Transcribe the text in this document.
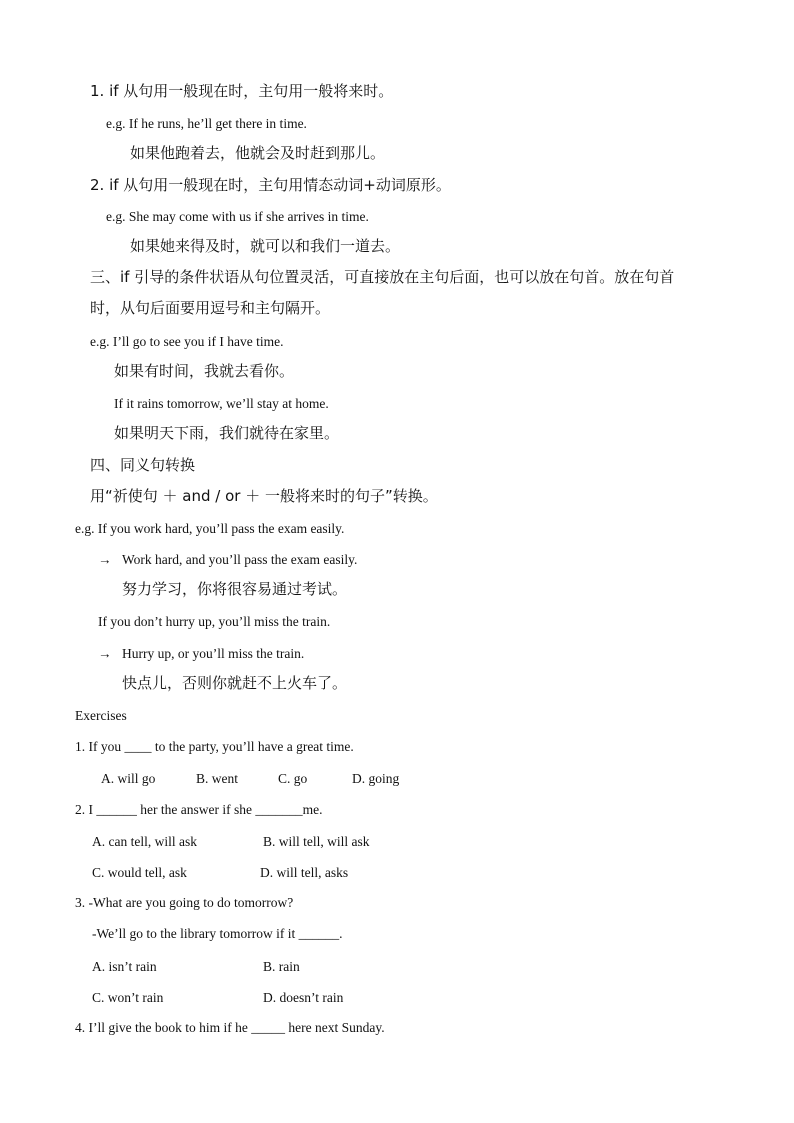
1. if 从句用一般现在时，主句用一般将来时。
e.g. If he runs, he’ll get there in time.
如果他跑着去，他就会及时赶到那儿。
2. if 从句用一般现在时，主句用情态动词+动词原形。
e.g. She may come with us if she arrives in time.
如果她来得及时，就可以和我们一道去。
三、if 引导的条件状语从句位置灵活，可直接放在主句后面，也可以放在句首。放在句首
时，从句后面要用逗号和主句隔开。
e.g. I’ll go to see you if I have time.
如果有时间，我就去看你。
If it rains tomorrow, we’ll stay at home.
如果明天下雨，我们就待在家里。
四、同义句转换
用“祈使句 ＋ and / or ＋ 一般将来时的句子”转换。
e.g. If you work hard, you’ll pass the exam easily.
→ Work hard, and you’ll pass the exam easily.
努力学习，你将很容易通过考试。
If you don’t hurry up, you’ll miss the train.
→ Hurry up, or you’ll miss the train.
快点儿，否则你就赶不上火车了。
Exercises
1. If you ____ to the party, you’ll have a great time.
A. will go	B. went	C. go	D. going
2. I ______ her the answer if she _______me.
A. can tell, will ask	B. will tell, will ask
C. would tell, ask	D. will tell, asks
3. -What are you going to do tomorrow?
-We’ll go to the library tomorrow if it ______.
A. isn’t rain	B. rain
C. won’t rain	D. doesn’t rain
4. I’ll give the book to him if he _____ here next Sunday.
